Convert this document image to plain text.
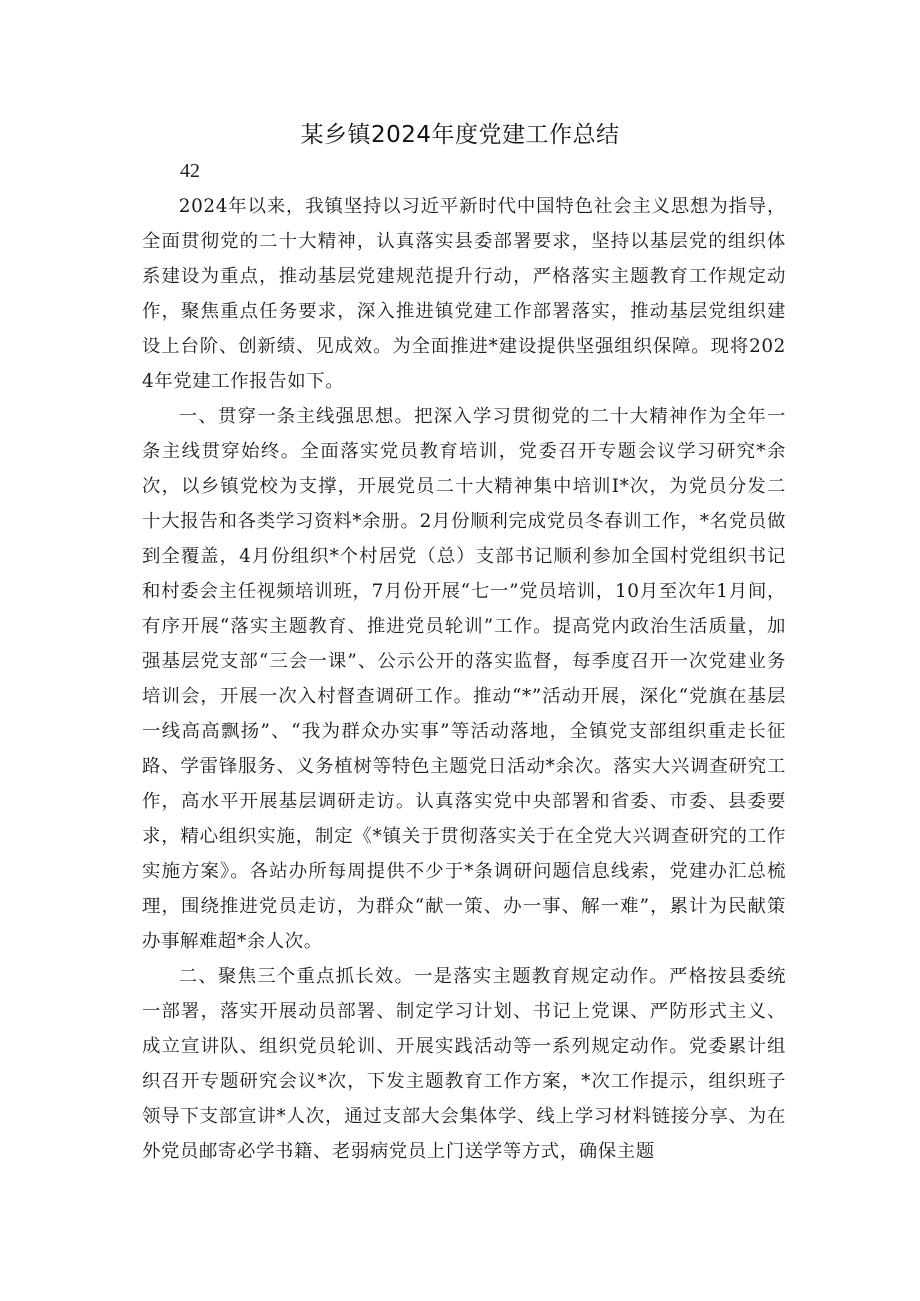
某乡镇2024年度党建工作总结
42

2024年以来，我镇坚持以习近平新时代中国特色社会主义思想为指导，全面贯彻党的二十大精神，认真落实县委部署要求，坚持以基层党的组织体系建设为重点，推动基层党建规范提升行动，严格落实主题教育工作规定动作，聚焦重点任务要求，深入推进镇党建工作部署落实，推动基层党组织建设上台阶、创新绩、见成效。为全面推进*建设提供坚强组织保障。现将2024年党建工作报告如下。

一、贯穿一条主线强思想。把深入学习贯彻党的二十大精神作为全年一条主线贯穿始终。全面落实党员教育培训，党委召开专题会议学习研究*余次，以乡镇党校为支撑，开展党员二十大精神集中培训I*次，为党员分发二十大报告和各类学习资料*余册。2月份顺利完成党员冬春训工作，*名党员做到全覆盖，4月份组织*个村居党（总）支部书记顺利参加全国村党组织书记和村委会主任视频培训班，7月份开展“七一”党员培训，10月至次年1月间，有序开展“落实主题教育、推进党员轮训”工作。提高党内政治生活质量，加强基层党支部“三会一课”、公示公开的落实监督，每季度召开一次党建业务培训会，开展一次入村督查调研工作。推动“*”活动开展，深化“党旗在基层一线高高飘扬”、“我为群众办实事”等活动落地，全镇党支部组织重走长征路、学雷锋服务、义务植树等特色主题党日活动*余次。落实大兴调查研究工作，高水平开展基层调研走访。认真落实党中央部署和省委、市委、县委要求，精心组织实施，制定《*镇关于贯彻落实关于在全党大兴调查研究的工作实施方案》。各站办所每周提供不少于*条调研问题信息线索，党建办汇总梳理，围绕推进党员走访，为群众“献一策、办一事、解一难”，累计为民献策办事解难超*余人次。

二、聚焦三个重点抓长效。一是落实主题教育规定动作。严格按县委统一部署，落实开展动员部署、制定学习计划、书记上党课、严防形式主义、成立宣讲队、组织党员轮训、开展实践活动等一系列规定动作。党委累计组织召开专题研究会议*次，下发主题教育工作方案，*次工作提示，组织班子领导下支部宣讲*人次，通过支部大会集体学、线上学习材料链接分享、为在外党员邮寄必学书籍、老弱病党员上门送学等方式，确保主题
